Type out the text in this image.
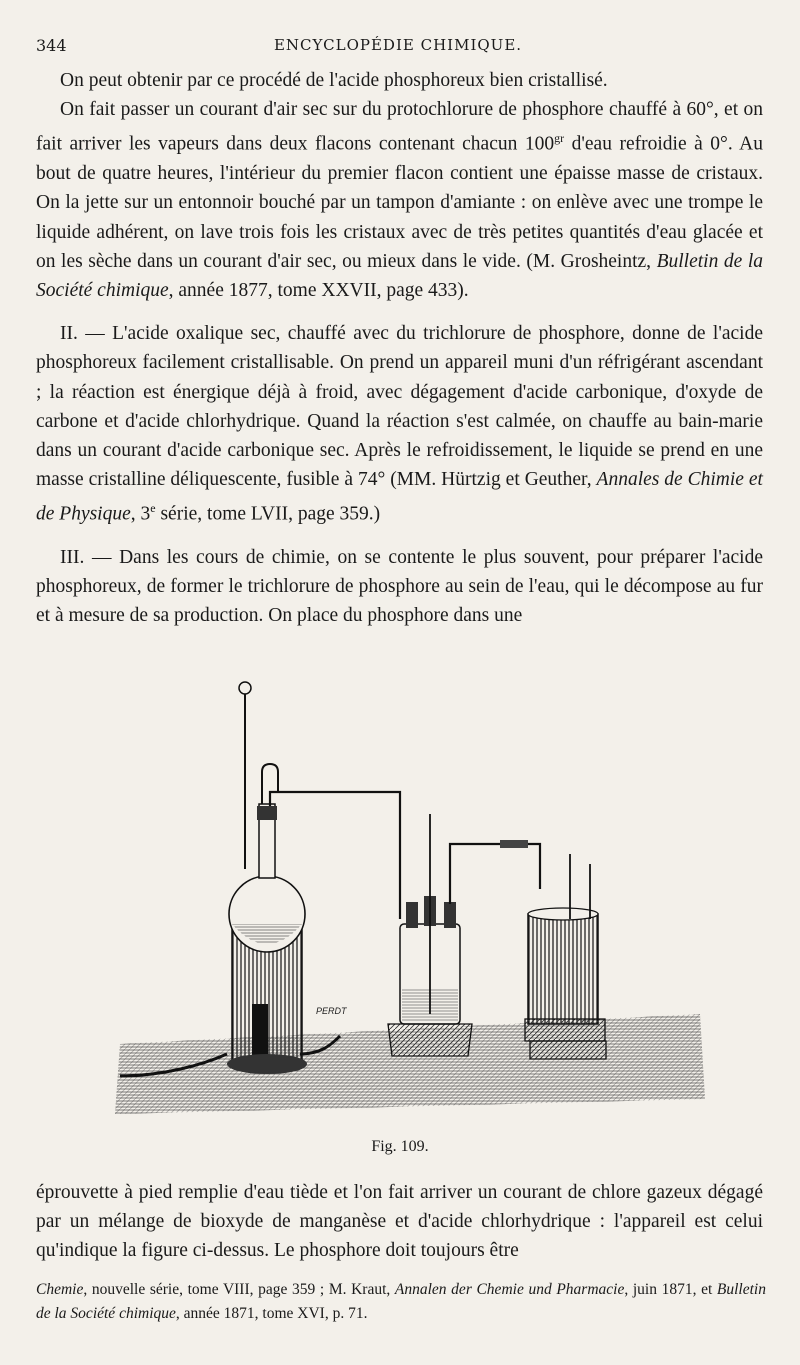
344	ENCYCLOPÉDIE CHIMIQUE.

On peut obtenir par ce procédé de l'acide phosphoreux bien cristallisé.

On fait passer un courant d'air sec sur du protochlorure de phosphore chauffé à 60°, et on fait arriver les vapeurs dans deux flacons contenant chacun $100^{gr}$ d'eau refroidie à 0°. Au bout de quatre heures, l'intérieur du premier flacon contient une épaisse masse de cristaux. On la jette sur un entonnoir bouché par un tampon d'amiante : on enlève avec une trompe le liquide adhérent, on lave trois fois les cristaux avec de très petites quantités d'eau glacée et on les sèche dans un courant d'air sec, ou mieux dans le vide. (M. Grosheintz, Bulletin de la Société chimique, année 1877, tome XXVII, page 433).

II. — L'acide oxalique sec, chauffé avec du trichlorure de phosphore, donne de l'acide phosphoreux facilement cristallisable. On prend un appareil muni d'un réfrigérant ascendant ; la réaction est énergique déjà à froid, avec dégagement d'acide carbonique, d'oxyde de carbone et d'acide chlorhydrique. Quand la réaction s'est calmée, on chauffe au bain-marie dans un courant d'acide carbonique sec. Après le refroidissement, le liquide se prend en une masse cristalline déliquescente, fusible à 74° (MM. Hürtzig et Geuther, Annales de Chimie et de Physique, 3e série, tome LVII, page 359.)

III. — Dans les cours de chimie, on se contente le plus souvent, pour préparer l'acide phosphoreux, de former le trichlorure de phosphore au sein de l'eau, qui le décompose au fur et à mesure de sa production. On place du phosphore dans une

PERDT
Fig. 109.

éprouvette à pied remplie d'eau tiède et l'on fait arriver un courant de chlore gazeux dégagé par un mélange de bioxyde de manganèse et d'acide chlorhydrique : l'appareil est celui qu'indique la figure ci-dessus. Le phosphore doit toujours être

Chemie, nouvelle série, tome VIII, page 359 ; M. Kraut, Annalen der Chemie und Pharmacie, juin 1871, et Bulletin de la Société chimique, année 1871, tome XVI, p. 71.
